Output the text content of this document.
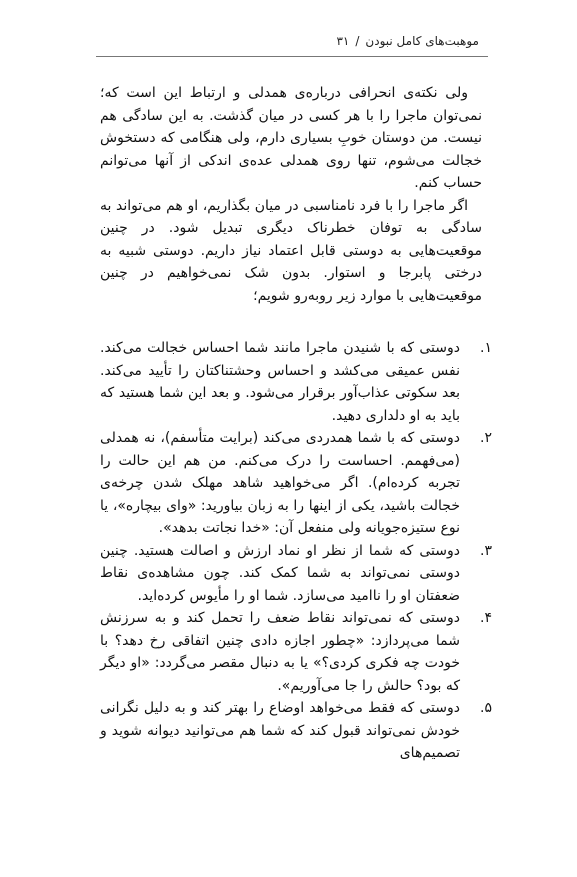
موهبت‌های کامل نبودن/۳۱

ولی نکته‌ی انحرافی درباره‌ی همدلی و ارتباط این است که؛ نمی‌توان ماجرا را با هر کسی در میان گذشت. به این سادگی هم نیست. من دوستان خوبِ بسیاری دارم، ولی هنگامی که دستخوش خجالت می‌شوم، تنها روی همدلی عده‌ی اندکی از آنها می‌توانم حساب کنم.

اگر ماجرا را با فرد نامناسبی در میان بگذاریم، او هم می‌تواند به سادگی به توفان خطرناک دیگری تبدیل شود. در چنین موقعیت‌هایی به دوستی قابل اعتماد نیاز داریم. دوستی شبیه به درختی پابرجا و استوار. بدون شک نمی‌خواهیم در چنین موقعیت‌هایی با موارد زیر روبه‌رو شویم؛

۱.
دوستی که با شنیدن ماجرا مانند شما احساس خجالت می‌کند. نفس عمیقی می‌کشد و احساس وحشتناکتان را تأیید می‌کند. بعد سکوتی عذاب‌آور برقرار می‌شود. و بعد این شما هستید که باید به او دلداری دهید.
۲.
دوستی که با شما همدردی می‌کند (برایت متأسفم)، نه همدلی (می‌فهمم. احساست را درک می‌کنم. من هم این حالت را تجربه کرده‌ام). اگر می‌خواهید شاهد مهلک شدن چرخه‌ی خجالت باشید، یکی از اینها را به زبان بیاورید: «وای بیچاره»، یا نوع ستیزه‌جویانه ولی منفعل آن: «خدا نجاتت بدهد».
۳.
دوستی که شما از نظر او نماد ارزش و اصالت هستید. چنین دوستی نمی‌تواند به شما کمک کند. چون مشاهده‌ی نقاط ضعفتان او را ناامید می‌سازد. شما او را مأیوس کرده‌اید.
۴.
دوستی که نمی‌تواند نقاط ضعف را تحمل کند و به سرزنش شما می‌پردازد: «چطور اجازه دادی چنین اتفاقی رخ دهد؟ با خودت چه فکری کردی؟» یا به دنبال مقصر می‌گردد: «او دیگر که بود؟ حالش را جا می‌آوریم».
۵.
دوستی که فقط می‌خواهد اوضاع را بهتر کند و به دلیل نگرانی خودش نمی‌تواند قبول کند که شما هم می‌توانید دیوانه شوید و تصمیم‌های
